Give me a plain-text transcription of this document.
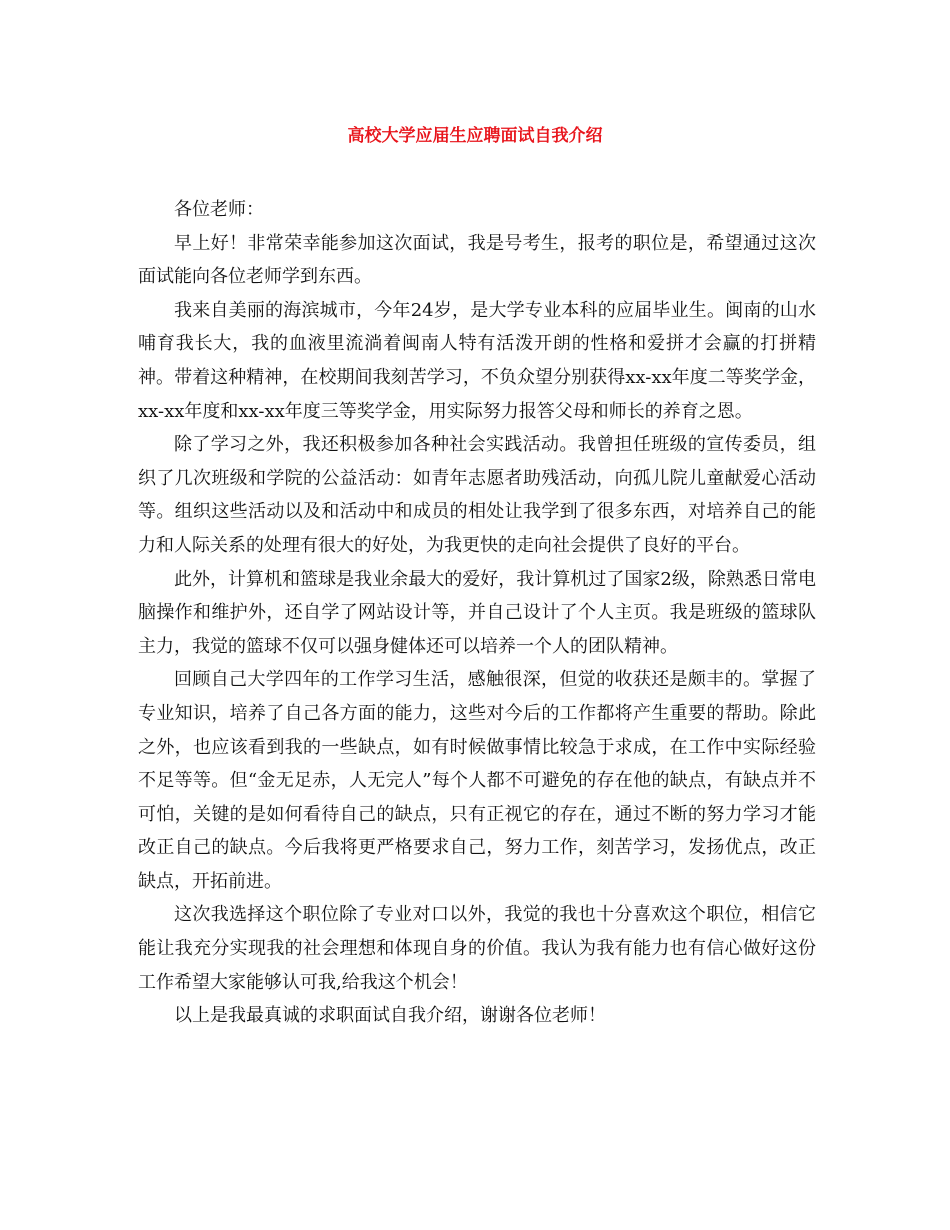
高校大学应届生应聘面试自我介绍

各位老师：

早上好！非常荣幸能参加这次面试，我是号考生，报考的职位是，希望通过这次面试能向各位老师学到东西。

我来自美丽的海滨城市，今年24岁，是大学专业本科的应届毕业生。闽南的山水哺育我长大，我的血液里流淌着闽南人特有活泼开朗的性格和爱拼才会赢的打拼精神。带着这种精神，在校期间我刻苦学习，不负众望分别获得xx-xx年度二等奖学金，xx-xx年度和xx-xx年度三等奖学金，用实际努力报答父母和师长的养育之恩。

除了学习之外，我还积极参加各种社会实践活动。我曾担任班级的宣传委员，组织了几次班级和学院的公益活动：如青年志愿者助残活动，向孤儿院儿童献爱心活动等。组织这些活动以及和活动中和成员的相处让我学到了很多东西，对培养自己的能力和人际关系的处理有很大的好处，为我更快的走向社会提供了良好的平台。

此外，计算机和篮球是我业余最大的爱好，我计算机过了国家2级，除熟悉日常电脑操作和维护外，还自学了网站设计等，并自己设计了个人主页。我是班级的篮球队主力，我觉的篮球不仅可以强身健体还可以培养一个人的团队精神。

回顾自己大学四年的工作学习生活，感触很深，但觉的收获还是颇丰的。掌握了专业知识，培养了自己各方面的能力，这些对今后的工作都将产生重要的帮助。除此之外，也应该看到我的一些缺点，如有时候做事情比较急于求成，在工作中实际经验不足等等。但“金无足赤，人无完人”每个人都不可避免的存在他的缺点，有缺点并不可怕，关键的是如何看待自己的缺点，只有正视它的存在，通过不断的努力学习才能改正自己的缺点。今后我将更严格要求自己，努力工作，刻苦学习，发扬优点，改正缺点，开拓前进。

这次我选择这个职位除了专业对口以外，我觉的我也十分喜欢这个职位，相信它能让我充分实现我的社会理想和体现自身的价值。我认为我有能力也有信心做好这份工作希望大家能够认可我,给我这个机会！

以上是我最真诚的求职面试自我介绍，谢谢各位老师！
